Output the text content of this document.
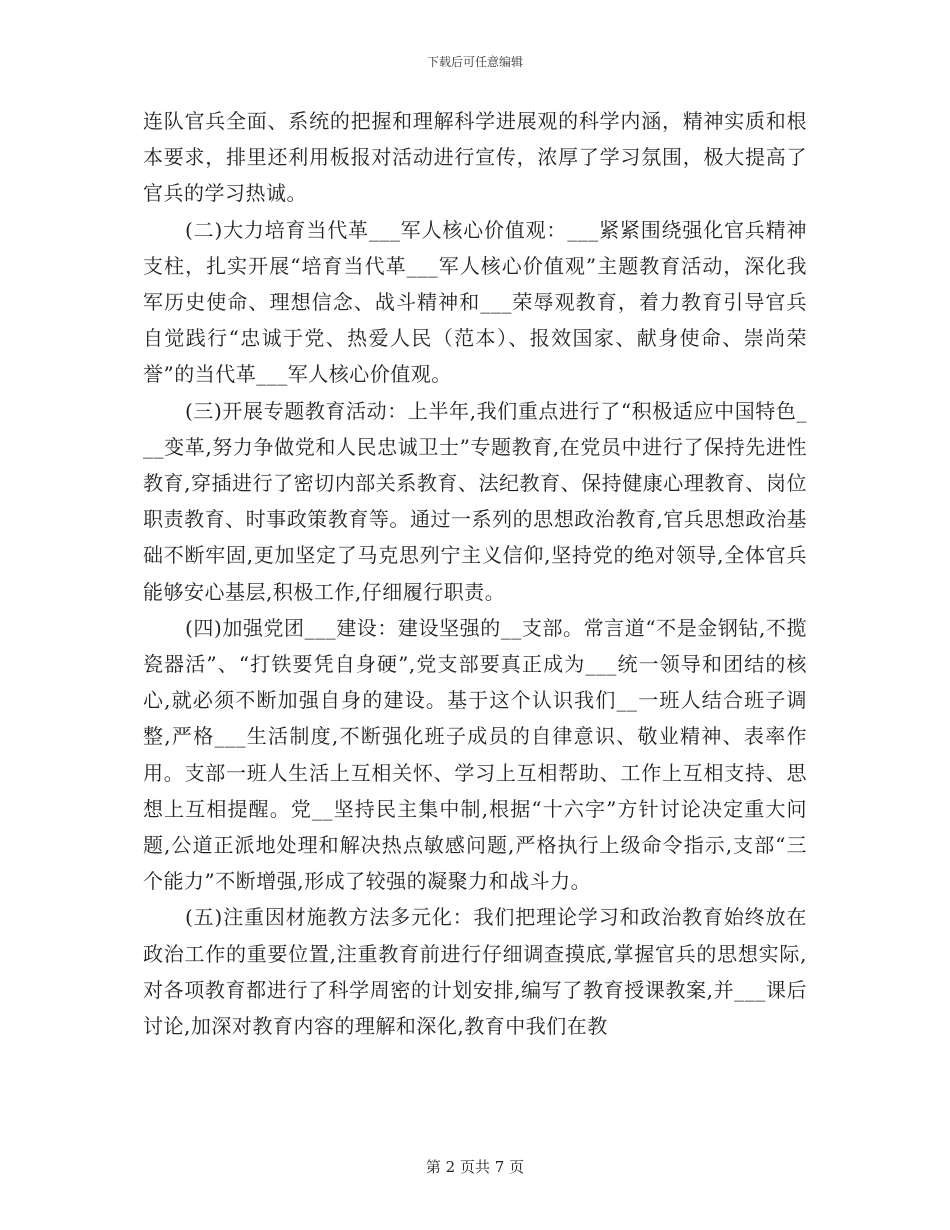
下载后可任意编辑

连队官兵全面、系统的把握和理解科学进展观的科学内涵，精神实质和根本要求，排里还利用板报对活动进行宣传，浓厚了学习氛围，极大提高了官兵的学习热诚。

(二)大力培育当代革___军人核心价值观：___紧紧围绕强化官兵精神支柱，扎实开展“培育当代革___军人核心价值观”主题教育活动，深化我军历史使命、理想信念、战斗精神和___荣辱观教育，着力教育引导官兵自觉践行“忠诚于党、热爱人民（范本）、报效国家、献身使命、崇尚荣誉”的当代革___军人核心价值观。

(三)开展专题教育活动：上半年,我们重点进行了“积极适应中国特色___变革,努力争做党和人民忠诚卫士”专题教育,在党员中进行了保持先进性教育,穿插进行了密切内部关系教育、法纪教育、保持健康心理教育、岗位职责教育、时事政策教育等。通过一系列的思想政治教育,官兵思想政治基础不断牢固,更加坚定了马克思列宁主义信仰,坚持党的绝对领导,全体官兵能够安心基层,积极工作,仔细履行职责。

(四)加强党团___建设：建设坚强的__支部。常言道“不是金钢钻,不揽瓷器活”、“打铁要凭自身硬”,党支部要真正成为___统一领导和团结的核心,就必须不断加强自身的建设。基于这个认识我们__一班人结合班子调整,严格___生活制度,不断强化班子成员的自律意识、敬业精神、表率作用。支部一班人生活上互相关怀、学习上互相帮助、工作上互相支持、思想上互相提醒。党__坚持民主集中制,根据“十六字”方针讨论决定重大问题,公道正派地处理和解决热点敏感问题,严格执行上级命令指示,支部“三个能力”不断增强,形成了较强的凝聚力和战斗力。

(五)注重因材施教方法多元化：我们把理论学习和政治教育始终放在政治工作的重要位置,注重教育前进行仔细调查摸底,掌握官兵的思想实际,对各项教育都进行了科学周密的计划安排,编写了教育授课教案,并___课后讨论,加深对教育内容的理解和深化,教育中我们在教

第 2 页共 7 页
